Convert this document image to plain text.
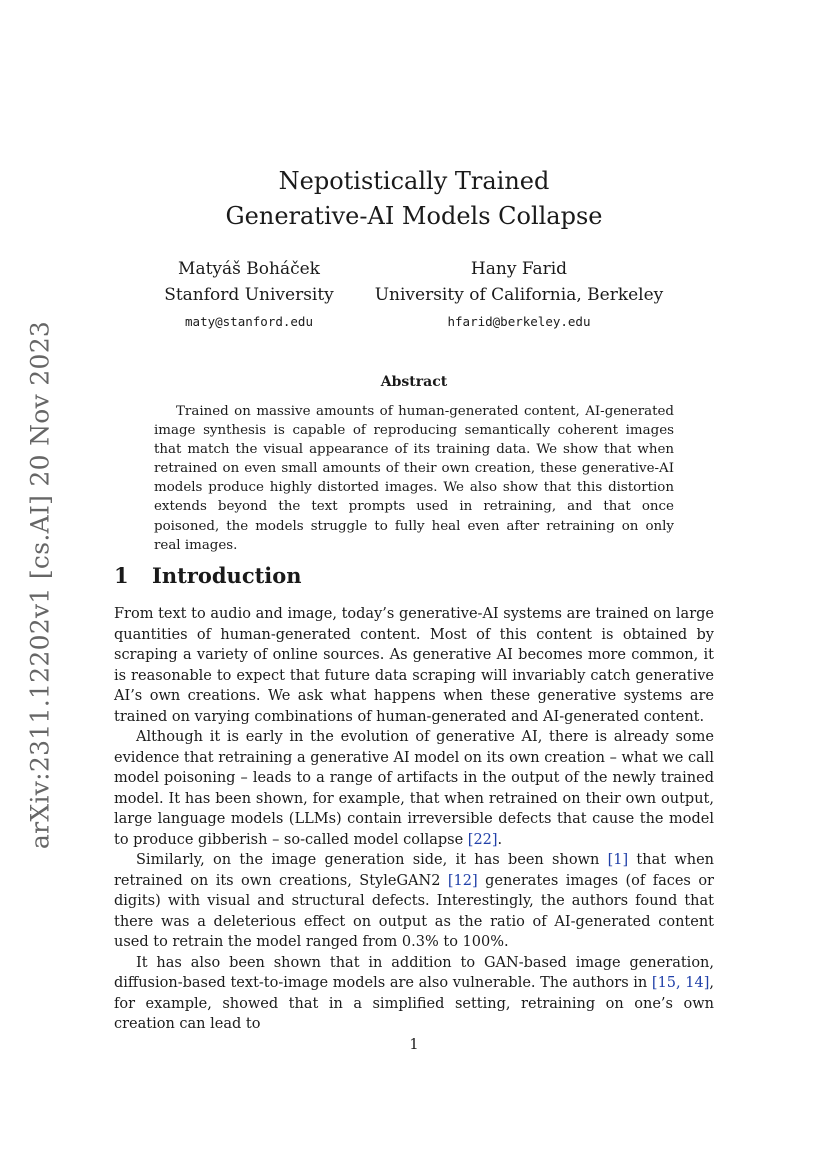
arXiv:2311.12202v1 [cs.AI] 20 Nov 2023
Nepotistically Trained
Generative-AI Models Collapse
Matyáš Boháček
Stanford University
maty@stanford.edu
Hany Farid
University of California, Berkeley
hfarid@berkeley.edu
Abstract

Trained on massive amounts of human-generated content, AI-generated image synthesis is capable of reproducing semantically coherent images that match the visual appearance of its training data. We show that when retrained on even small amounts of their own creation, these generative-AI models produce highly distorted images. We also show that this distortion extends beyond the text prompts used in retraining, and that once poisoned, the models struggle to fully heal even after retraining on only real images.

1 Introduction

From text to audio and image, today’s generative-AI systems are trained on large quantities of human-generated content. Most of this content is obtained by scraping a variety of online sources. As generative AI becomes more common, it is reasonable to expect that future data scraping will invariably catch generative AI’s own creations. We ask what happens when these generative systems are trained on varying combinations of human-generated and AI-generated content.

Although it is early in the evolution of generative AI, there is already some evidence that retraining a generative AI model on its own creation – what we call model poisoning – leads to a range of artifacts in the output of the newly trained model. It has been shown, for example, that when retrained on their own output, large language models (LLMs) contain irreversible defects that cause the model to produce gibberish – so-called model collapse [22].

Similarly, on the image generation side, it has been shown [1] that when retrained on its own creations, StyleGAN2 [12] generates images (of faces or digits) with visual and structural defects. Interestingly, the authors found that there was a deleterious effect on output as the ratio of AI-generated content used to retrain the model ranged from 0.3% to 100%.

It has also been shown that in addition to GAN-based image generation, diffusion-based text-to-image models are also vulnerable. The authors in [15, 14], for example, showed that in a simplified setting, retraining on one’s own creation can lead to

1
